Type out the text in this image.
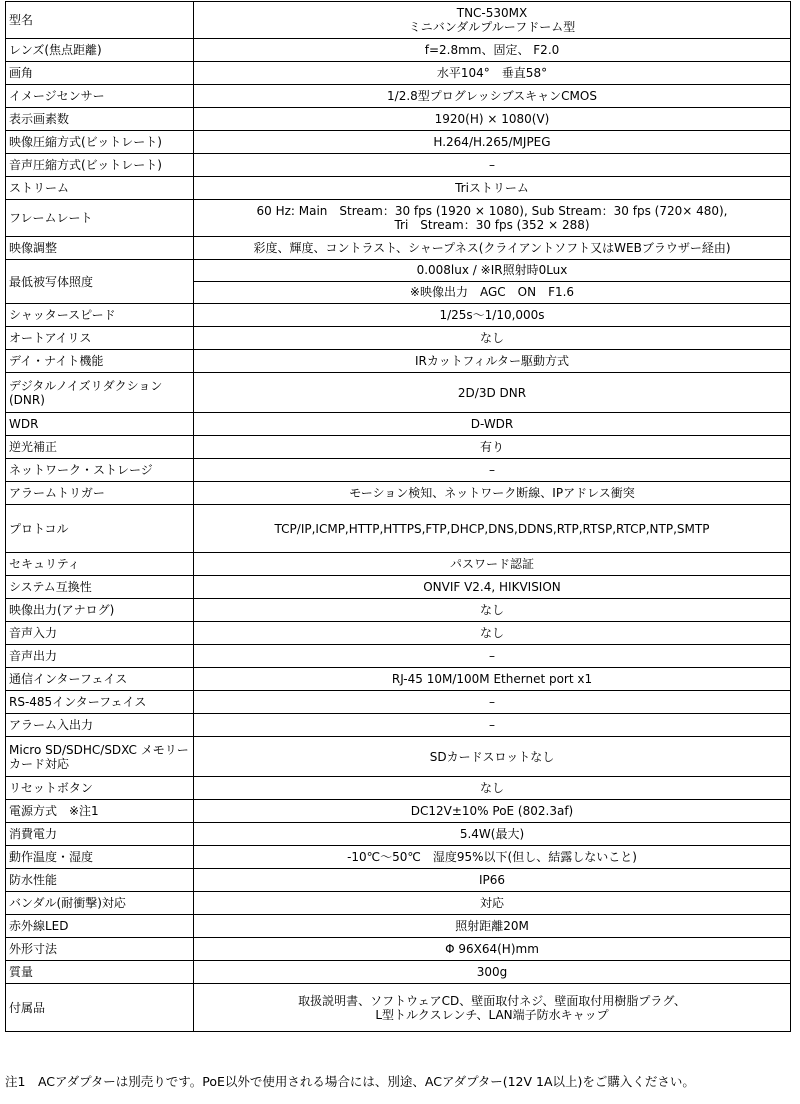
型名	TNC-530MX
ミニバンダルプルーフドーム型

レンズ(焦点距離)	f=2.8mm、固定、 F2.0

画角	水平104°　垂直58°

イメージセンサー	1/2.8型プログレッシブスキャンCMOS

表示画素数	1920(H) × 1080(V)

映像圧縮方式(ビットレート)	H.264/H.265/MJPEG

音声圧縮方式(ビットレート)	–

ストリーム	Triストリーム

フレームレート	60 Hz: Main　Stream：30 fps (1920 × 1080), Sub Stream：30 fps (720× 480),
Tri　Stream：30 fps (352 × 288)

映像調整	彩度、輝度、コントラスト、シャープネス(クライアントソフト又はWEBブラウザー経由)

最低被写体照度	0.008lux / ※IR照射時0Lux
※映像出力　AGC　ON　F1.6

シャッタースピード	1/25s〜1/10,000s

オートアイリス	なし

デイ・ナイト機能	IRカットフィルター駆動方式

デジタルノイズリダクション(DNR)	2D/3D DNR

WDR	D-WDR

逆光補正	有り

ネットワーク・ストレージ	–

アラームトリガー	モーション検知、ネットワーク断線、IPアドレス衝突

プロトコル	TCP/IP,ICMP,HTTP,HTTPS,FTP,DHCP,DNS,DDNS,RTP,RTSP,RTCP,NTP,SMTP

セキュリティ	パスワード認証

システム互換性	ONVIF V2.4, HIKVISION

映像出力(アナログ)	なし

音声入力	なし

音声出力	–

通信インターフェイス	RJ-45 10M/100M Ethernet port x1

RS-485インターフェイス	–

アラーム入出力	–

Micro SD/SDHC/SDXC メモリーカード対応	SDカードスロットなし

リセットボタン	なし

電源方式　※注1	DC12V±10% PoE (802.3af)

消費電力	5.4W(最大)

動作温度・湿度	-10℃〜50℃　湿度95%以下(但し、結露しないこと)

防水性能	IP66

バンダル(耐衝撃)対応	対応

赤外線LED	照射距離20M

外形寸法	Φ 96X64(H)mm

質量	300g

付属品	取扱説明書、ソフトウェアCD、壁面取付ネジ、壁面取付用樹脂プラグ、
L型トルクスレンチ、LAN端子防水キャップ
注1　ACアダプターは別売りです。PoE以外で使用される場合には、別途、ACアダプター(12V 1A以上)をご購入ください。
